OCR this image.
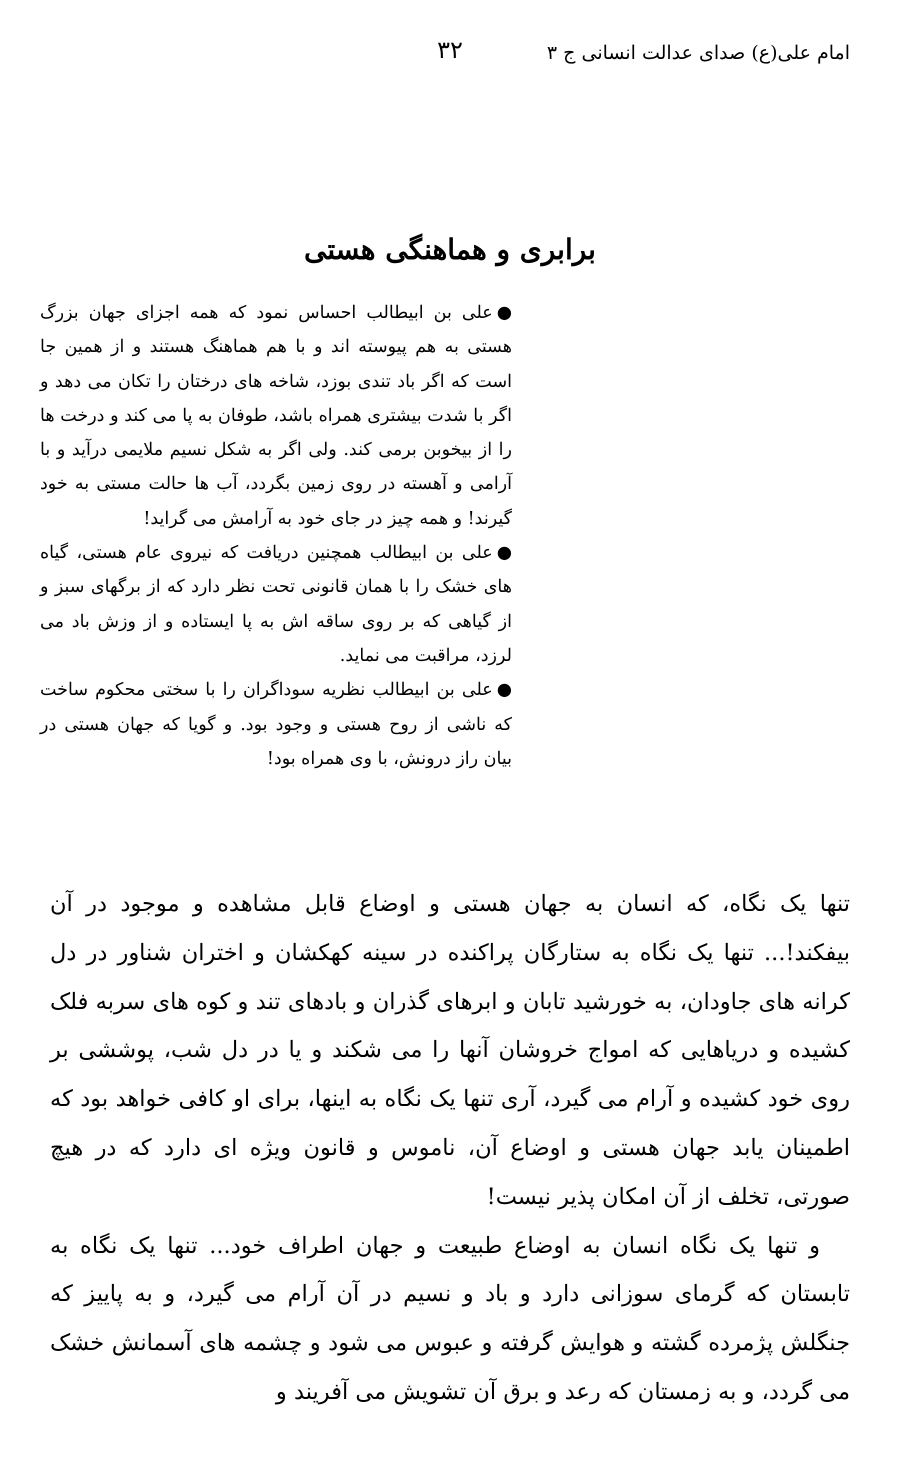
امام علی(ع) صدای عدالت انسانی ج ۳
۳۲
برابری و هماهنگی هستی

●علی بن ابیطالب احساس نمود که همه اجزای جهان بزرگ هستی به هم پیوسته اند و با هم هماهنگ هستند و از همین جا است که اگر باد تندی بوزد، شاخه های درختان را تکان می دهد و اگر با شدت بیشتری همراه باشد، طوفان به پا می کند و درخت ها را از بیخوبن برمی کند. ولی اگر به شکل نسیم ملایمی درآید و با آرامی و آهسته در روی زمین بگردد، آب ها حالت مستی به خود گیرند! و همه چیز در جای خود به آرامش می گراید!

●علی بن ابیطالب همچنین دریافت که نیروی عام هستی، گیاه های خشک را با همان قانونی تحت نظر دارد که از برگهای سبز و از گیاهی که بر روی ساقه اش به پا ایستاده و از وزش باد می لرزد، مراقبت می نماید.

●علی بن ابیطالب نظریه سوداگران را با سختی محکوم ساخت که ناشی از روح هستی و وجود بود. و گویا که جهان هستی در بیان راز درونش، با وی همراه بود!

تنها یک نگاه، که انسان به جهان هستی و اوضاع قابل مشاهده و موجود در آن بیفکند!... تنها یک نگاه به ستارگان پراکنده در سینه کهکشان و اختران شناور در دل کرانه های جاودان، به خورشید تابان و ابرهای گذران و بادهای تند و کوه های سربه فلک کشیده و دریاهایی که امواج خروشان آنها را می شکند و یا در دل شب، پوششی بر روی خود کشیده و آرام می گیرد، آری تنها یک نگاه به اینها، برای او کافی خواهد بود که اطمینان یابد جهان هستی و اوضاع آن، ناموس و قانون ویژه ای دارد که در هیچ صورتی، تخلف از آن امکان پذیر نیست!

و تنها یک نگاه انسان به اوضاع طبیعت و جهان اطراف خود... تنها یک نگاه به تابستان که گرمای سوزانی دارد و باد و نسیم در آن آرام می گیرد، و به پاییز که جنگلش پژمرده گشته و هوایش گرفته و عبوس می شود و چشمه های آسمانش خشک می گردد، و به زمستان که رعد و برق آن تشویش می آفریند و
